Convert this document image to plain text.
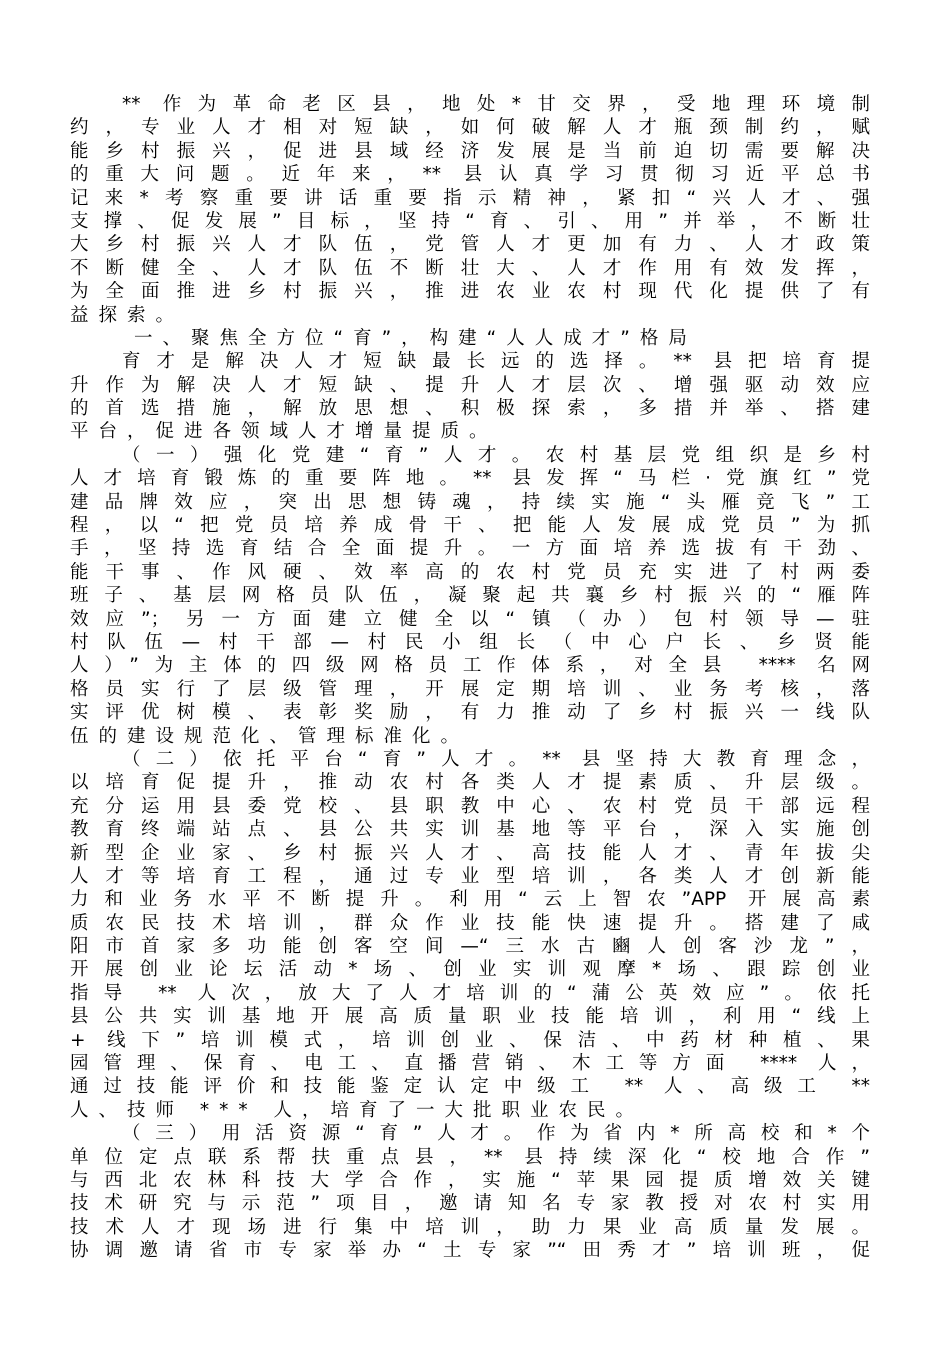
** 作为革命老区县，地处*甘交界，受地理环境制
约，专业人才相对短缺，如何破解人才瓶颈制约，赋
能乡村振兴，促进县域经济发展是当前迫切需要解决
的重大问题。近年来，** 县认真学习贯彻习近平总书
记来*考察重要讲话重要指示精神，紧扣“兴人才、强
支撑、促发展”目标，坚持“育、引、用”并举，不断壮
大乡村振兴人才队伍，党管人才更加有力、人才政策
不断健全、人才队伍不断壮大、人才作用有效发挥，
为全面推进乡村振兴，推进农业农村现代化提供了有
益探索。
一、聚焦全方位“育”，构建“人人成才”格局
育才是解决人才短缺最长远的选择。** 县把培育提
升作为解决人才短缺、提升人才层次、增强驱动效应
的首选措施，解放思想、积极探索，多措并举、搭建
平台，促进各领域人才增量提质。
（一）强化党建“育”人才。农村基层党组织是乡村
人才培育锻炼的重要阵地。** 县发挥“马栏·党旗红”党
建品牌效应，突出思想铸魂，持续实施“头雁竞飞”工
程，以“把党员培养成骨干、把能人发展成党员”为抓
手，坚持选育结合全面提升。一方面培养选拔有干劲、
能干事、作风硬、效率高的农村党员充实进了村两委
班子、基层网格员队伍，凝聚起共襄乡村振兴的“雁阵
效应”；另一方面建立健全以“镇（办）包村领导—驻
村队伍—村干部—村民小组长（中心户长、乡贤能
人）”为主体的四级网格员工作体系，对全县 **** 名网
格员实行了层级管理，开展定期培训、业务考核，落
实评优树模、表彰奖励，有力推动了乡村振兴一线队
伍的建设规范化、管理标准化。
（二）依托平台“育”人才。** 县坚持大教育理念，
以培育促提升，推动农村各类人才提素质、升层级。
充分运用县委党校、县职教中心、农村党员干部远程
教育终端站点、县公共实训基地等平台，深入实施创
新型企业家、乡村振兴人才、高技能人才、青年拔尖
人才等培育工程，通过专业型培训，各类人才创新能
力和业务水平不断提升。利用“云上智农”APP 开展高素
质农民技术培训，群众作业技能快速提升。搭建了咸
阳市首家多功能创客空间—“三水古豳人创客沙龙”，
开展创业论坛活动*场、创业实训观摩*场、跟踪创业
指导 ** 人次，放大了人才培训的“蒲公英效应”。依托
县公共实训基地开展高质量职业技能培训，利用“线上
+ 线下”培训模式，培训创业、保洁、中药材种植、果
园管理、保育、电工、直播营销、木工等方面 **** 人，
通过技能评价和技能鉴定认定中级工 ** 人、高级工 **
人、技师 *** 人，培育了一大批职业农民。
（三）用活资源“育”人才。作为省内*所高校和*个
单位定点联系帮扶重点县，** 县持续深化“校地合作”
与西北农林科技大学合作，实施“苹果园提质增效关键
技术研究与示范”项目，邀请知名专家教授对农村实用
技术人才现场进行集中培训，助力果业高质量发展。
协调邀请省市专家举办“土专家”“田秀才”培训班，促
